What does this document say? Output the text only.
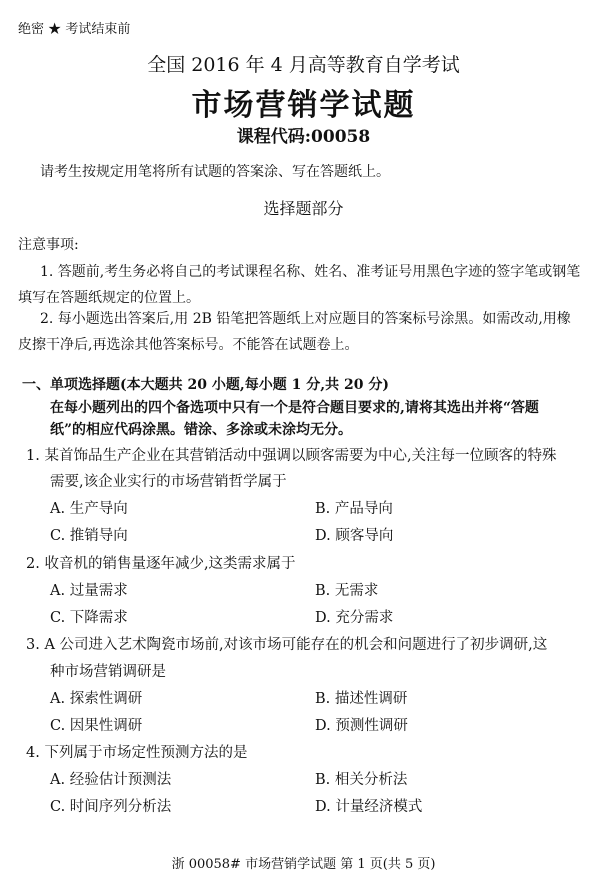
绝密 ★ 考试结束前
全国 2016 年 4 月高等教育自学考试
市场营销学试题
课程代码:00058
请考生按规定用笔将所有试题的答案涂、写在答题纸上。
选择题部分
注意事项:
1. 答题前,考生务必将自己的考试课程名称、姓名、准考证号用黑色字迹的签字笔或钢笔
填写在答题纸规定的位置上。
2. 每小题选出答案后,用 2B 铅笔把答题纸上对应题目的答案标号涂黑。如需改动,用橡
皮擦干净后,再选涂其他答案标号。不能答在试题卷上。
一、单项选择题(本大题共 20 小题,每小题 1 分,共 20 分)
在每小题列出的四个备选项中只有一个是符合题目要求的,请将其选出并将“答题
纸”的相应代码涂黑。错涂、多涂或未涂均无分。
1. 某首饰品生产企业在其营销活动中强调以顾客需要为中心,关注每一位顾客的特殊
需要,该企业实行的市场营销哲学属于
A. 生产导向	B. 产品导向
C. 推销导向	D. 顾客导向
2. 收音机的销售量逐年减少,这类需求属于
A. 过量需求	B. 无需求
C. 下降需求	D. 充分需求
3. A 公司进入艺术陶瓷市场前,对该市场可能存在的机会和问题进行了初步调研,这
种市场营销调研是
A. 探索性调研	B. 描述性调研
C. 因果性调研	D. 预测性调研
4. 下列属于市场定性预测方法的是
A. 经验估计预测法	B. 相关分析法
C. 时间序列分析法	D. 计量经济模式
浙 00058# 市场营销学试题 第 1 页(共 5 页)
